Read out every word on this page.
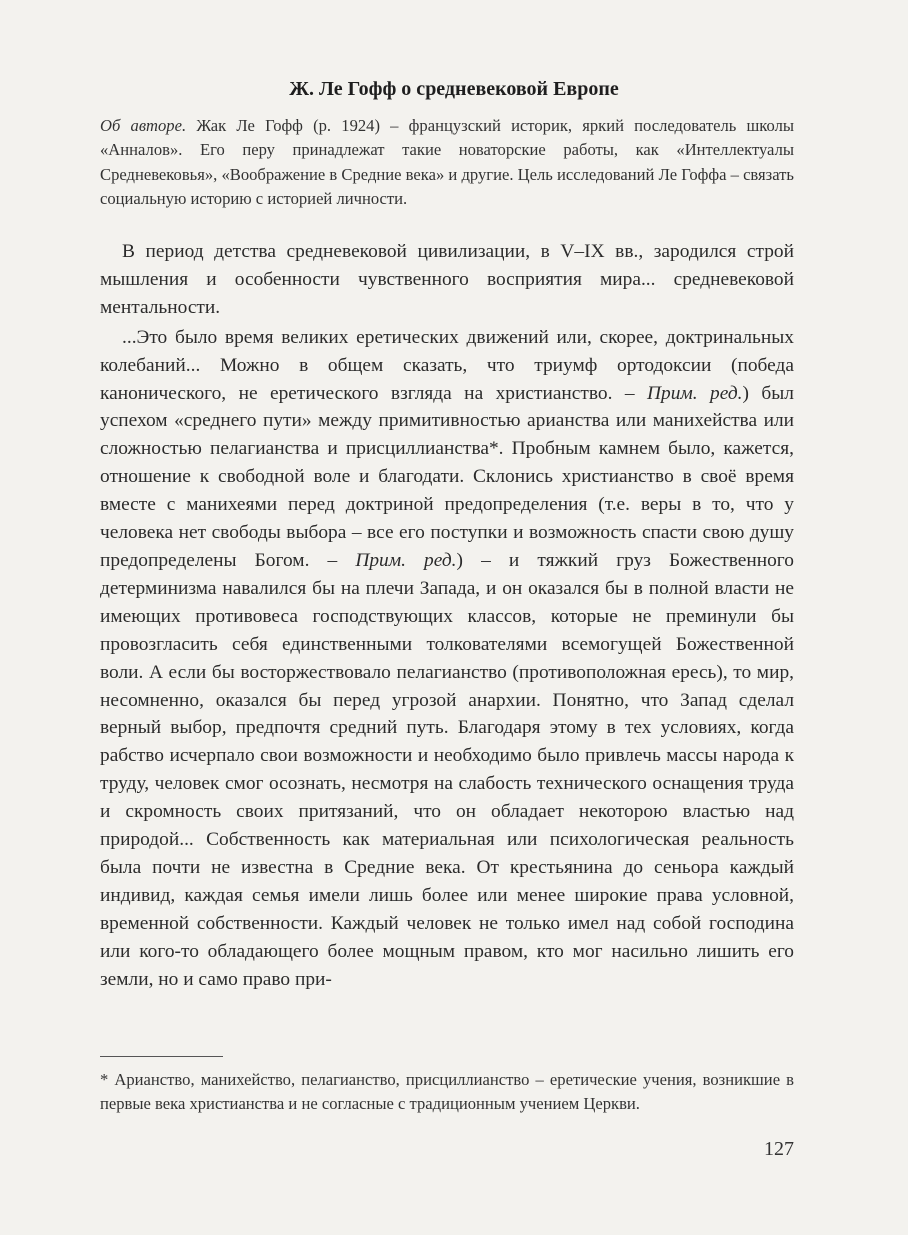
Ж. Ле Гофф о средневековой Европе
Об авторе. Жак Ле Гофф (р. 1924) – французский историк, яркий последователь школы «Анналов». Его перу принадлежат такие новаторские работы, как «Интеллектуалы Средневековья», «Воображение в Средние века» и другие. Цель исследований Ле Гоффа – связать социальную историю с историей личности.

В период детства средневековой цивилизации, в V–IX вв., зародился строй мышления и особенности чувственного восприятия мира... средневековой ментальности.

...Это было время великих еретических движений или, скорее, доктринальных колебаний... Можно в общем сказать, что триумф ортодоксии (победа канонического, не еретического взгляда на христианство. – Прим. ред.) был успехом «среднего пути» между примитивностью арианства или манихейства или сложностью пелагианства и присциллианства*. Пробным камнем было, кажется, отношение к свободной воле и благодати. Склонись христианство в своё время вместе с манихеями перед доктриной предопределения (т.е. веры в то, что у человека нет свободы выбора – все его поступки и возможность спасти свою душу предопределены Богом. – Прим. ред.) – и тяжкий груз Божественного детерминизма навалился бы на плечи Запада, и он оказался бы в полной власти не имеющих противовеса господствующих классов, которые не преминули бы провозгласить себя единственными толкователями всемогущей Божественной воли. А если бы восторжествовало пелагианство (противоположная ересь), то мир, несомненно, оказался бы перед угрозой анархии. Понятно, что Запад сделал верный выбор, предпочтя средний путь. Благодаря этому в тех условиях, когда рабство исчерпало свои возможности и необходимо было привлечь массы народа к труду, человек смог осознать, несмотря на слабость технического оснащения труда и скромность своих притязаний, что он обладает некоторою властью над природой... Собственность как материальная или психологическая реальность была почти не известна в Средние века. От крестьянина до сеньора каждый индивид, каждая семья имели лишь более или менее широкие права условной, временной собственности. Каждый человек не только имел над собой господина или кого-то обладающего более мощным правом, кто мог насильно лишить его земли, но и само право при-

* Арианство, манихейство, пелагианство, присциллианство – еретические учения, возникшие в первые века христианства и не согласные с традиционным учением Церкви.
127
